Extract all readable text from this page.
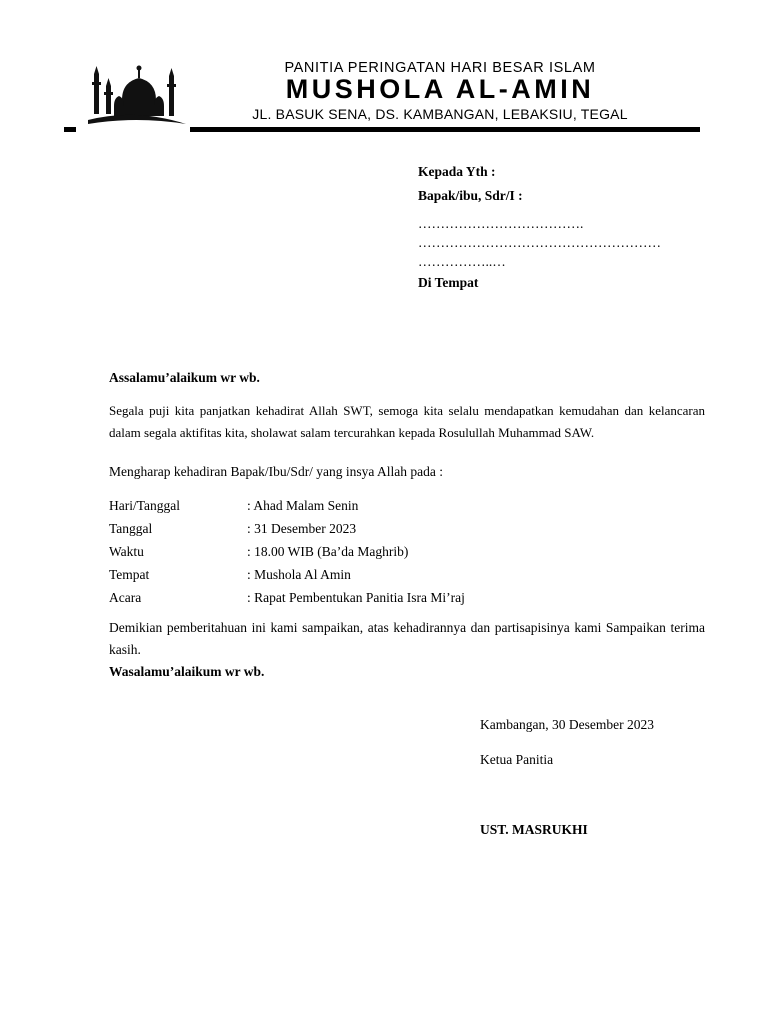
PANITIA PERINGATAN HARI BESAR ISLAM
MUSHOLA AL-AMIN
JL. BASUK SENA, DS. KAMBANGAN, LEBAKSIU, TEGAL
Kepada Yth :
Bapak/ibu, Sdr/I :
……………………………….
………………………………………………
……………..…
Di Tempat
Assalamu’alaikum wr wb.
Segala puji kita panjatkan kehadirat Allah SWT, semoga kita selalu mendapatkan kemudahan dan kelancaran dalam segala aktifitas kita, sholawat salam tercurahkan kepada Rosulullah Muhammad SAW.
Mengharap kehadiran Bapak/Ibu/Sdr/ yang insya Allah pada :
Hari/Tanggal	: Ahad Malam Senin
Tanggal	: 31 Desember 2023
Waktu	: 18.00 WIB (Ba’da Maghrib)
Tempat	: Mushola Al Amin
Acara	: Rapat Pembentukan Panitia Isra Mi’raj
Demikian pemberitahuan ini kami sampaikan, atas kehadirannya dan partisapisinya kami Sampaikan terima kasih.
Wasalamu’alaikum wr wb.
Kambangan, 30 Desember 2023
Ketua Panitia
UST. MASRUKHI
